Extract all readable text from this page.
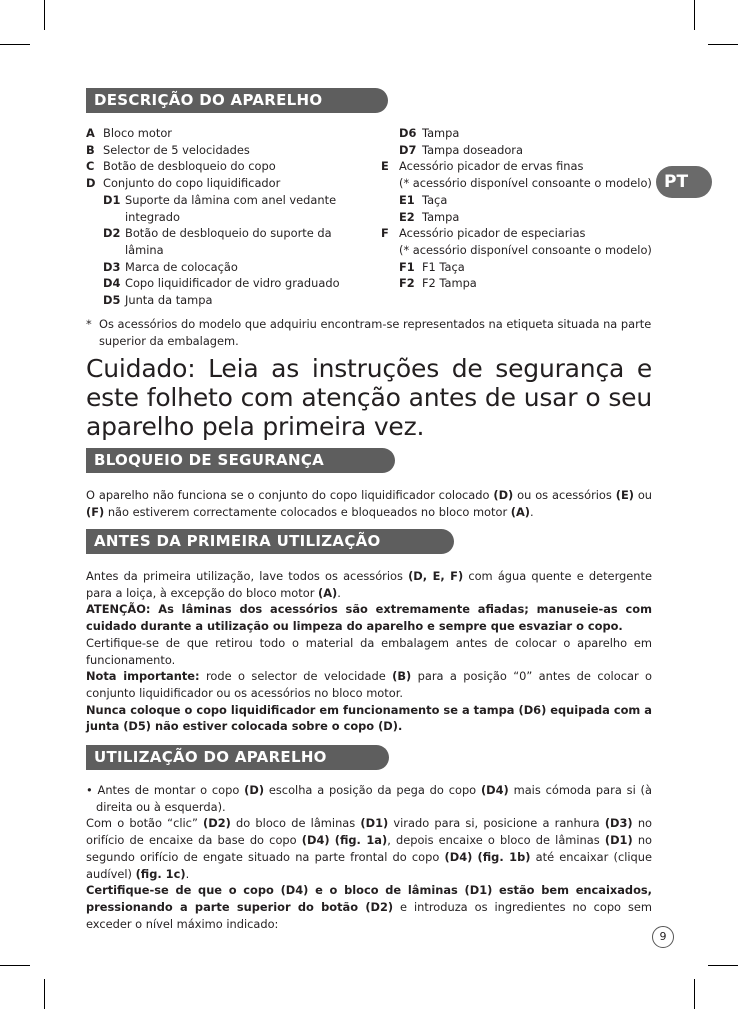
PT
DESCRIÇÃO DO APARELHO
A Bloco motor
B Selector de 5 velocidades
C Botão de desbloqueio do copo
D Conjunto do copo liquidificador
D1 Suporte da lâmina com anel vedante integrado
D2 Botão de desbloqueio do suporte da lâmina
D3 Marca de colocação
D4 Copo liquidificador de vidro graduado
D5 Junta da tampa
D6 Tampa
D7 Tampa doseadora
E Acessório picador de ervas finas
(* acessório disponível consoante o modelo)
E1 Taça
E2 Tampa
F Acessório picador de especiarias
(* acessório disponível consoante o modelo)
F1 F1 Taça
F2 F2 Tampa
* Os acessórios do modelo que adquiriu encontram-se representados na etiqueta situada na parte superior da embalagem.
Cuidado: Leia as instruções de segurança e este folheto com atenção antes de usar o seu aparelho pela primeira vez.
BLOQUEIO DE SEGURANÇA

O aparelho não funciona se o conjunto do copo liquidificador colocado (D) ou os acessórios (E) ou (F) não estiverem correctamente colocados e bloqueados no bloco motor (A).

ANTES DA PRIMEIRA UTILIZAÇÃO

Antes da primeira utilização, lave todos os acessórios (D, E, F) com água quente e detergente para a loiça, à excepção do bloco motor (A).

ATENÇÃO: As lâminas dos acessórios são extremamente afiadas; manuseie-as com cuidado durante a utilização ou limpeza do aparelho e sempre que esvaziar o copo.

Certifique-se de que retirou todo o material da embalagem antes de colocar o aparelho em funcionamento.

Nota importante: rode o selector de velocidade (B) para a posição “0” antes de colocar o conjunto liquidificador ou os acessórios no bloco motor.

Nunca coloque o copo liquidificador em funcionamento se a tampa (D6) equipada com a junta (D5) não estiver colocada sobre o copo (D).

UTILIZAÇÃO DO APARELHO

• Antes de montar o copo (D) escolha a posição da pega do copo (D4) mais cómoda para si (à direita ou à esquerda).

Com o botão “clic” (D2) do bloco de lâminas (D1) virado para si, posicione a ranhura (D3) no orifício de encaixe da base do copo (D4) (fig. 1a), depois encaixe o bloco de lâminas (D1) no segundo orifício de engate situado na parte frontal do copo (D4) (fig. 1b) até encaixar (clique audível) (fig. 1c).

Certifique-se de que o copo (D4) e o bloco de lâminas (D1) estão bem encaixados, pressionando a parte superior do botão (D2) e introduza os ingredientes no copo sem exceder o nível máximo indicado:

9
